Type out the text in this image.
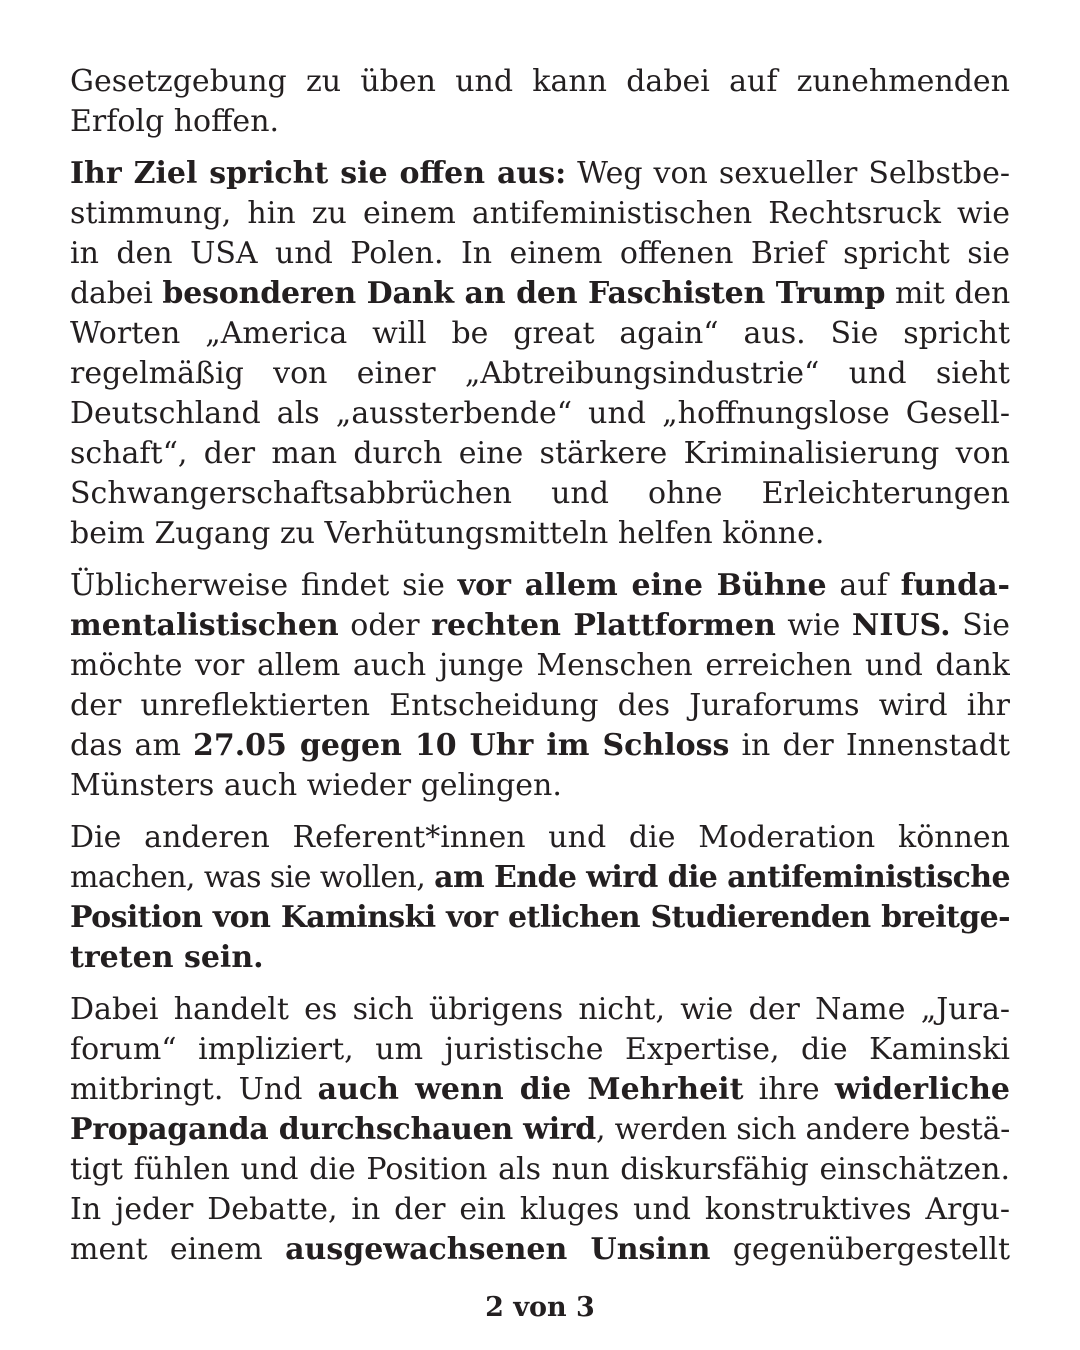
Gesetzgebung zu üben und kann dabei auf zunehmenden
Erfolg hoffen.
Ihr Ziel spricht sie offen aus: Weg von sexueller Selbstbe-
stimmung, hin zu einem antifeministischen Rechtsruck wie
in den USA und Polen. In einem offenen Brief spricht sie
dabei besonderen Dank an den Faschisten Trump mit den
Worten „America will be great again“ aus. Sie spricht
regelmäßig von einer „Abtreibungsindustrie“ und sieht
Deutschland als „aussterbende“ und „hoffnungslose Gesell-
schaft“, der man durch eine stärkere Kriminalisierung von
Schwangerschaftsabbrüchen und ohne Erleichterungen
beim Zugang zu Verhütungsmitteln helfen könne.
Üblicherweise findet sie vor allem eine Bühne auf funda-
mentalistischen oder rechten Plattformen wie NIUS. Sie
möchte vor allem auch junge Menschen erreichen und dank
der unreflektierten Entscheidung des Juraforums wird ihr
das am 27.05 gegen 10 Uhr im Schloss in der Innenstadt
Münsters auch wieder gelingen.
Die anderen Referent*innen und die Moderation können
machen, was sie wollen, am Ende wird die antifeministische
Position von Kaminski vor etlichen Studierenden breitge-
treten sein.
Dabei handelt es sich übrigens nicht, wie der Name „Jura-
forum“ impliziert, um juristische Expertise, die Kaminski
mitbringt. Und auch wenn die Mehrheit ihre widerliche
Propaganda durchschauen wird, werden sich andere bestä-
tigt fühlen und die Position als nun diskursfähig einschätzen.
In jeder Debatte, in der ein kluges und konstruktives Argu-
ment einem ausgewachsenen Unsinn gegenübergestellt
2 von 3
